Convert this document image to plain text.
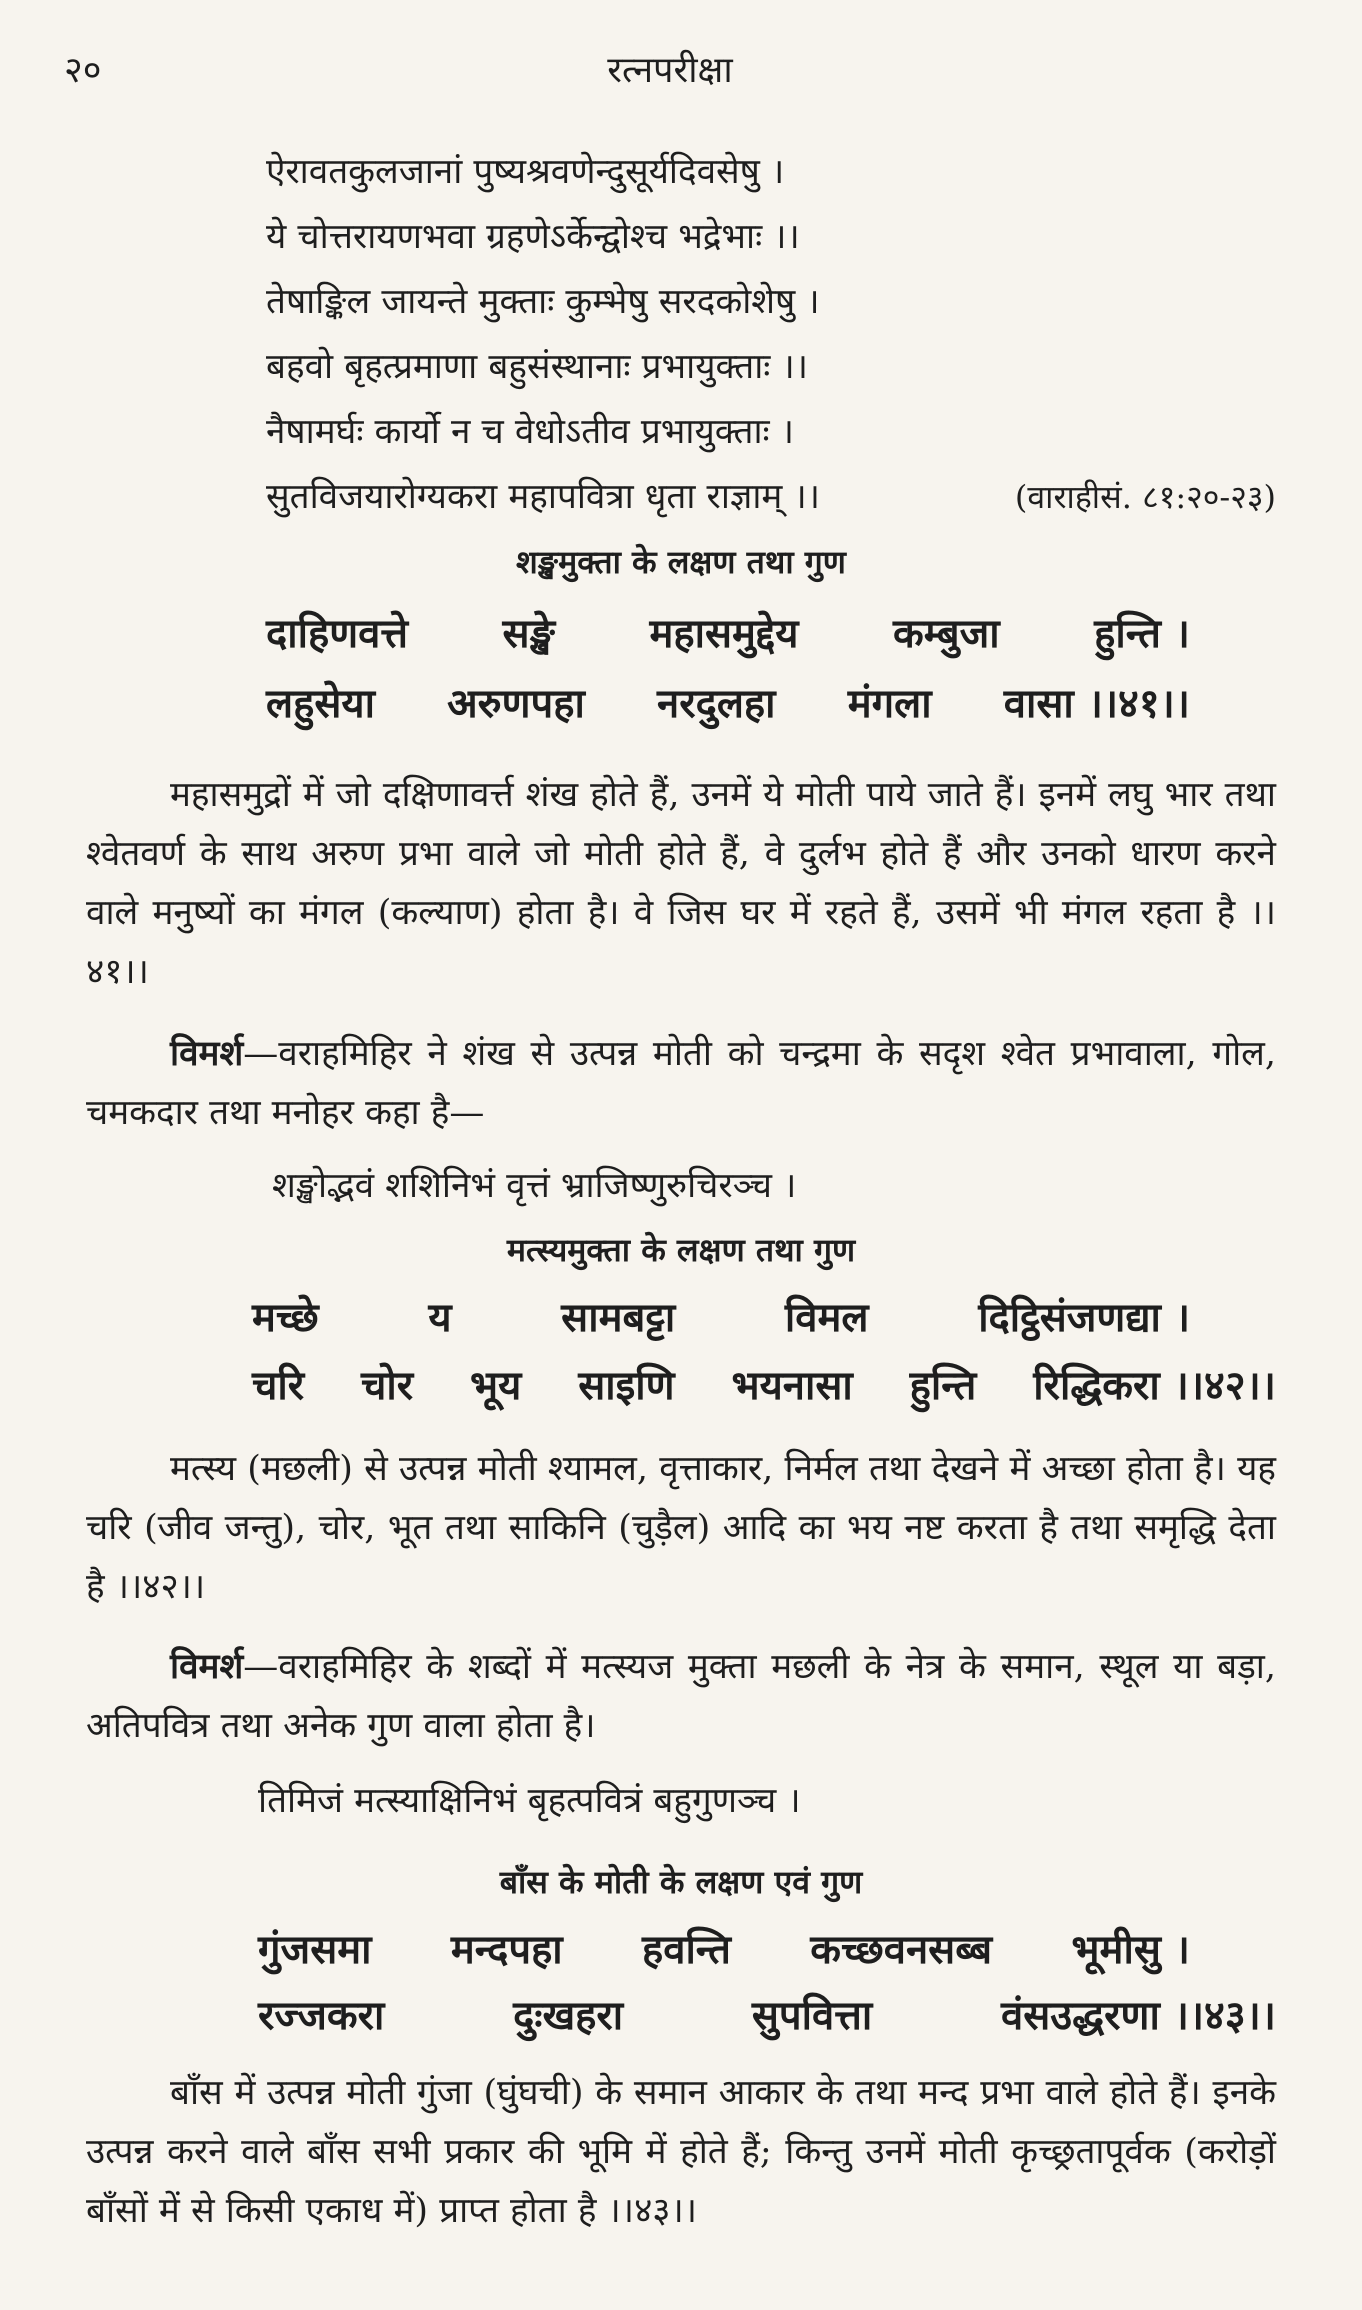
२०	रत्नपरीक्षा
ऐरावतकुलजानां पुष्यश्रवणेन्दुसूर्यदिवसेषु ।
ये चोत्तरायणभवा ग्रहणेऽर्केन्द्वोश्च भद्रेभाः ।।
तेषाङ्किल जायन्ते मुक्ताः कुम्भेषु सरदकोशेषु ।
बहवो बृहत्प्रमाणा बहुसंस्थानाः प्रभायुक्ताः ।।
नैषामर्घः कार्यो न च वेधोऽतीव प्रभायुक्ताः ।
सुतविजयारोग्यकरा महापवित्रा धृता राज्ञाम् ।।	(वाराहीसं. ८१:२०-२३)
शङ्खमुक्ता के लक्षण तथा गुण
दाहिणवत्ते सङ्खे महासमुद्देय कम्बुजा हुन्ति ।
लहुसेया अरुणपहा नरदुलहा मंगला वासा ।।४१।।

महासमुद्रों में जो दक्षिणावर्त्त शंख होते हैं, उनमें ये मोती पाये जाते हैं। इनमें लघु भार तथा श्वेतवर्ण के साथ अरुण प्रभा वाले जो मोती होते हैं, वे दुर्लभ होते हैं और उनको धारण करने वाले मनुष्यों का मंगल (कल्याण) होता है। वे जिस घर में रहते हैं, उसमें भी मंगल रहता है ।।४१।।

विमर्श—वराहमिहिर ने शंख से उत्पन्न मोती को चन्द्रमा के सदृश श्वेत प्रभावाला, गोल, चमकदार तथा मनोहर कहा है—

शङ्खोद्भवं शशिनिभं वृत्तं भ्राजिष्णुरुचिरञ्च ।
मत्स्यमुक्ता के लक्षण तथा गुण
मच्छे	य	सामबट्टा	विमल	दिट्ठिसंजणद्या ।
चरि चोर भूय साइणि भयनासा हुन्ति रिद्धिकरा ।।४२।।

मत्स्य (मछली) से उत्पन्न मोती श्यामल, वृत्ताकार, निर्मल तथा देखने में अच्छा होता है। यह चरि (जीव जन्तु), चोर, भूत तथा साकिनि (चुड़ैल) आदि का भय नष्ट करता है तथा समृद्धि देता है ।।४२।।

विमर्श—वराहमिहिर के शब्दों में मत्स्यज मुक्ता मछली के नेत्र के समान, स्थूल या बड़ा, अतिपवित्र तथा अनेक गुण वाला होता है।

तिमिजं मत्स्याक्षिनिभं बृहत्पवित्रं बहुगुणञ्च ।
बाँस के मोती के लक्षण एवं गुण
गुंजसमा मन्दपहा हवन्ति कच्छवनसब्ब भूमीसु ।
रज्जकरा	दुःखहरा	सुपवित्ता	वंसउद्धरणा ।।४३।।

बाँस में उत्पन्न मोती गुंजा (घुंघची) के समान आकार के तथा मन्द प्रभा वाले होते हैं। इनके उत्पन्न करने वाले बाँस सभी प्रकार की भूमि में होते हैं; किन्तु उनमें मोती कृच्छ्रतापूर्वक (करोड़ों बाँसों में से किसी एकाध में) प्राप्त होता है ।।४३।।
